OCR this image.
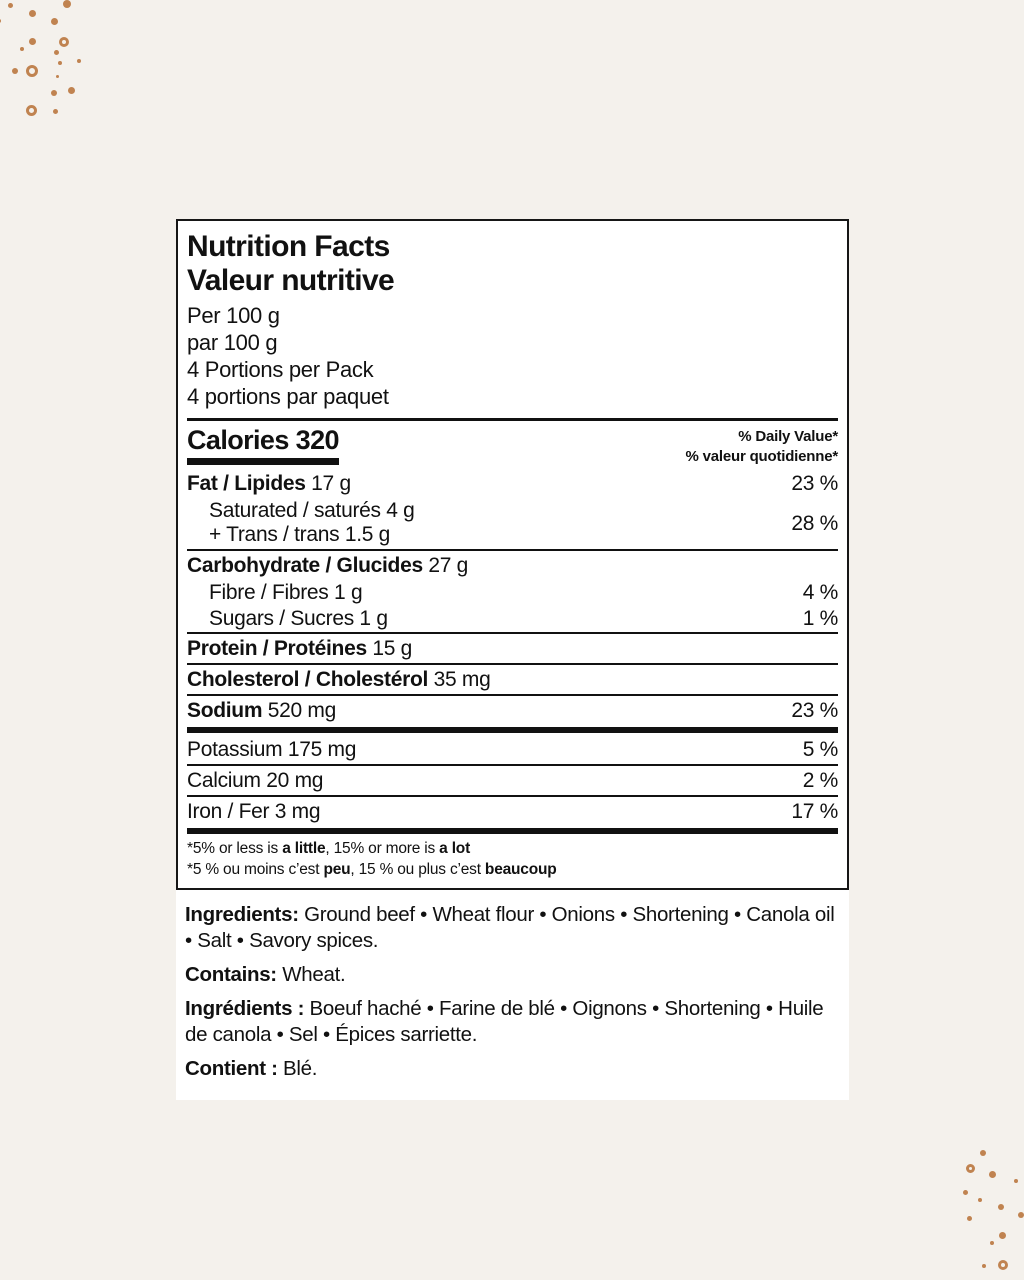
Nutrition Facts
Valeur nutritive
Per 100 g
par 100 g
4 Portions per Pack
4 portions par paquet
Calories 320	% Daily Value*
% valeur quotidienne*
Fat / Lipides 17 g	23 %
Saturated / saturés 4 g
+ Trans / trans 1.5 g	28 %
Carbohydrate / Glucides 27 g
Fibre / Fibres 1 g	4 %
Sugars / Sucres 1 g	1 %
Protein / Protéines 15 g
Cholesterol / Cholestérol 35 mg
Sodium 520 mg	23 %
Potassium 175 mg	5 %
Calcium 20 mg	2 %
Iron / Fer 3 mg	17 %
*5% or less is a little, 15% or more is a lot
*5 % ou moins c’est peu, 15 % ou plus c’est beaucoup

Ingredients: Ground beef • Wheat flour • Onions • Shortening • Canola oil • Salt • Savory spices.

Contains: Wheat.

Ingrédients : Boeuf haché • Farine de blé • Oignons • Shortening • Huile de canola • Sel • Épices sarriette.

Contient : Blé.
